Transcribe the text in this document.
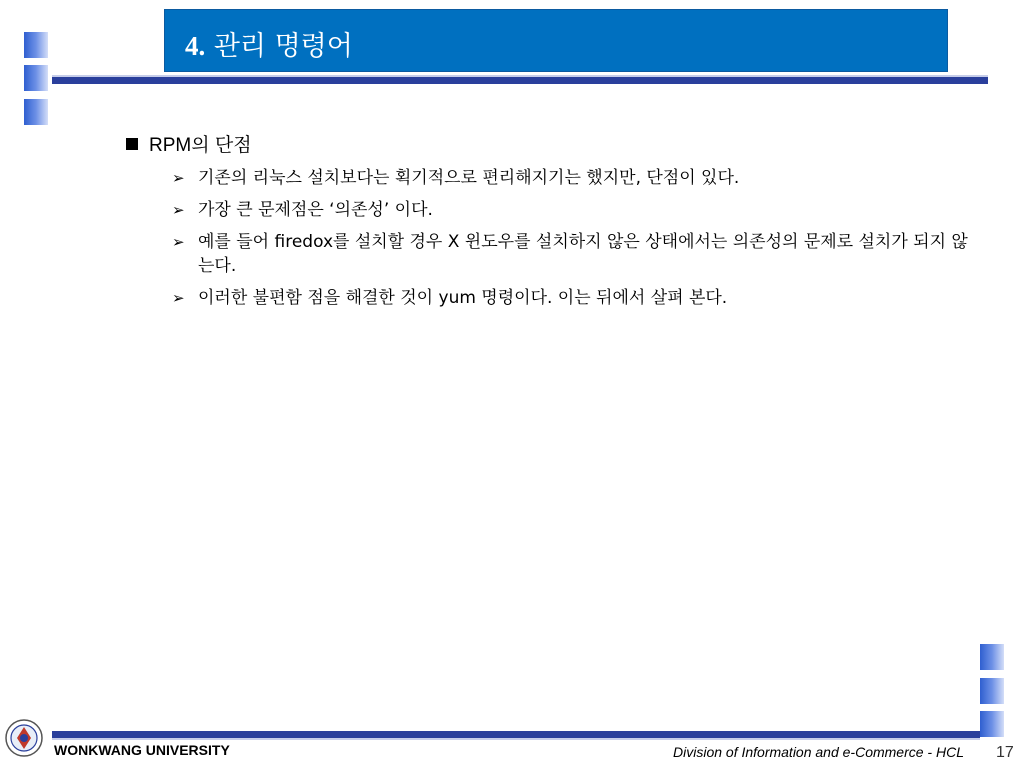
4. 관리 명령어
RPM의 단점
➢ 기존의 리눅스 설치보다는 획기적으로 편리해지기는 했지만, 단점이 있다.
➢ 가장 큰 문제점은 ‘의존성’ 이다.
➢ 예를 들어 firedox를 설치할 경우 X 윈도우를 설치하지 않은 상태에서는 의존성의 문제로 설치가 되지 않는다.
➢ 이러한 불편함 점을 해결한 것이 yum 명령이다. 이는 뒤에서 살펴 본다.
WONKWANG UNIVERSITY	Division of Information and e-Commerce - HCL 17
